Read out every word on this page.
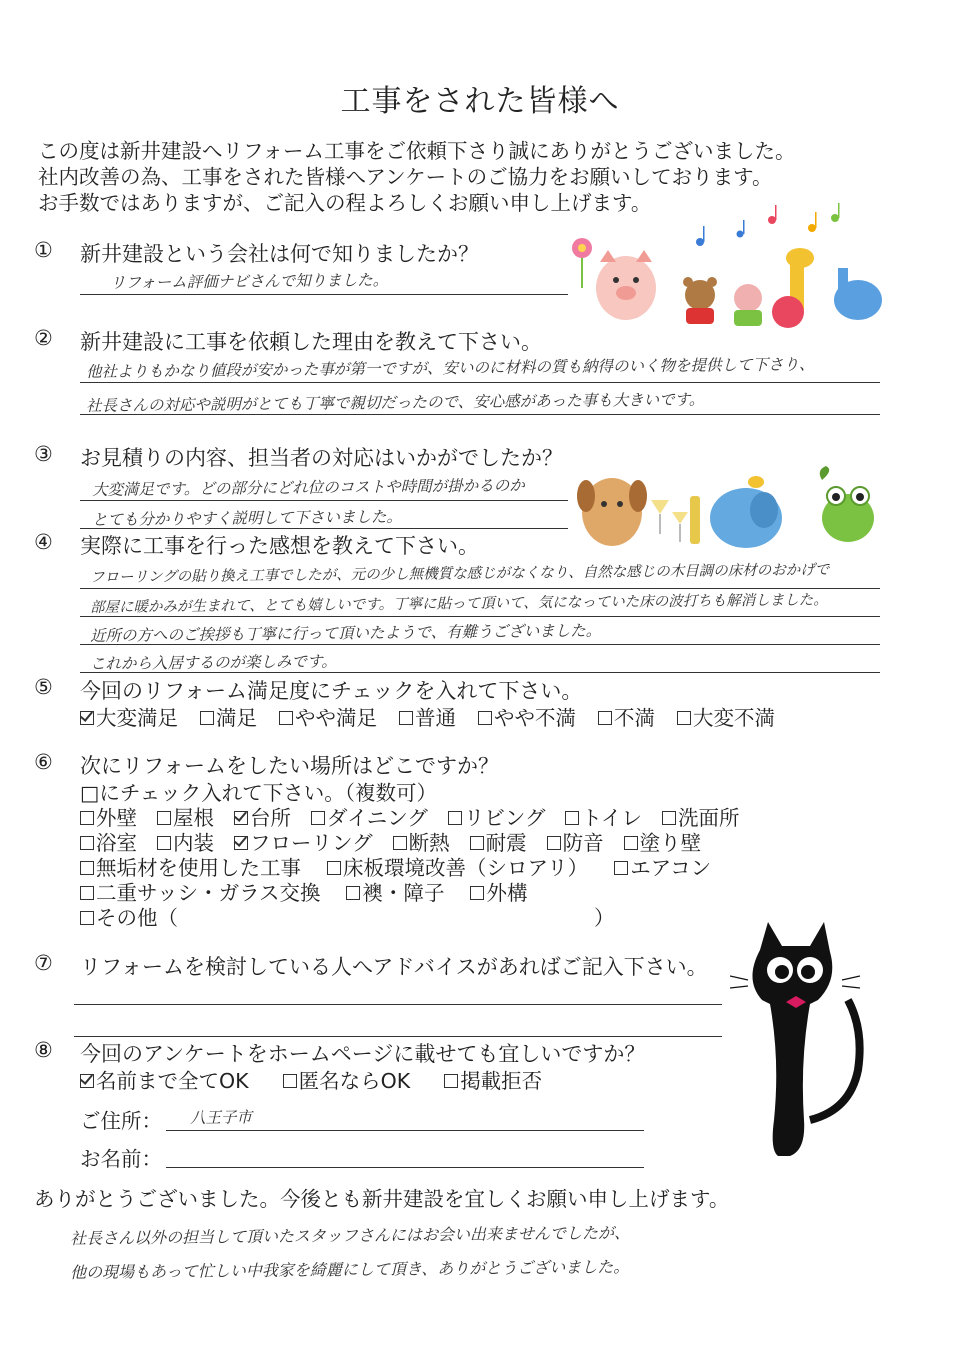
工事をされた皆様へ
この度は新井建設へリフォーム工事をご依頼下さり誠にありがとうございました。
社内改善の為、工事をされた皆様へアンケートのご協力をお願いしております。
お手数ではありますが、ご記入の程よろしくお願い申し上げます。
① 新井建設という会社は何で知りましたか？
リフォーム評価ナビさんで知りました。
② 新井建設に工事を依頼した理由を教えて下さい。
他社よりもかなり値段が安かった事が第一ですが、安いのに材料の質も納得のいく物を提供して下さり、
社長さんの対応や説明がとても丁寧で親切だったので、安心感があった事も大きいです。
③ お見積りの内容、担当者の対応はいかがでしたか？
大変満足です。どの部分にどれ位のコストや時間が掛かるのか
とても分かりやすく説明して下さいました。
④ 実際に工事を行った感想を教えて下さい。
フローリングの貼り換え工事でしたが、元の少し無機質な感じがなくなり、自然な感じの木目調の床材のおかげで
部屋に暖かみが生まれて、とても嬉しいです。丁寧に貼って頂いて、気になっていた床の波打ちも解消しました。
近所の方へのご挨拶も丁寧に行って頂いたようで、有難うございました。
これから入居するのが楽しみです。
⑤ 今回のリフォーム満足度にチェックを入れて下さい。
大変満足	満足	やや満足	普通	やや不満	不満	大変不満
⑥ 次にリフォームをしたい場所はどこですか？
□にチェック入れて下さい。（複数可）
外壁	屋根	台所	ダイニング	リビング	トイレ	洗面所
浴室	内装	フローリング	断熱	耐震	防音	塗り壁
無垢材を使用した工事	床板環境改善（シロアリ）	エアコン
二重サッシ・ガラス交換	襖・障子	外構
その他（	）
⑦ リフォームを検討している人へアドバイスがあればご記入下さい。
⑧ 今回のアンケートをホームページに載せても宜しいですか？
名前まで全てOK	匿名ならOK	掲載拒否
ご住所： 八王子市
お名前：
ありがとうございました。今後とも新井建設を宜しくお願い申し上げます。
社長さん以外の担当して頂いたスタッフさんにはお会い出来ませんでしたが、
他の現場もあって忙しい中我家を綺麗にして頂き、ありがとうございました。
